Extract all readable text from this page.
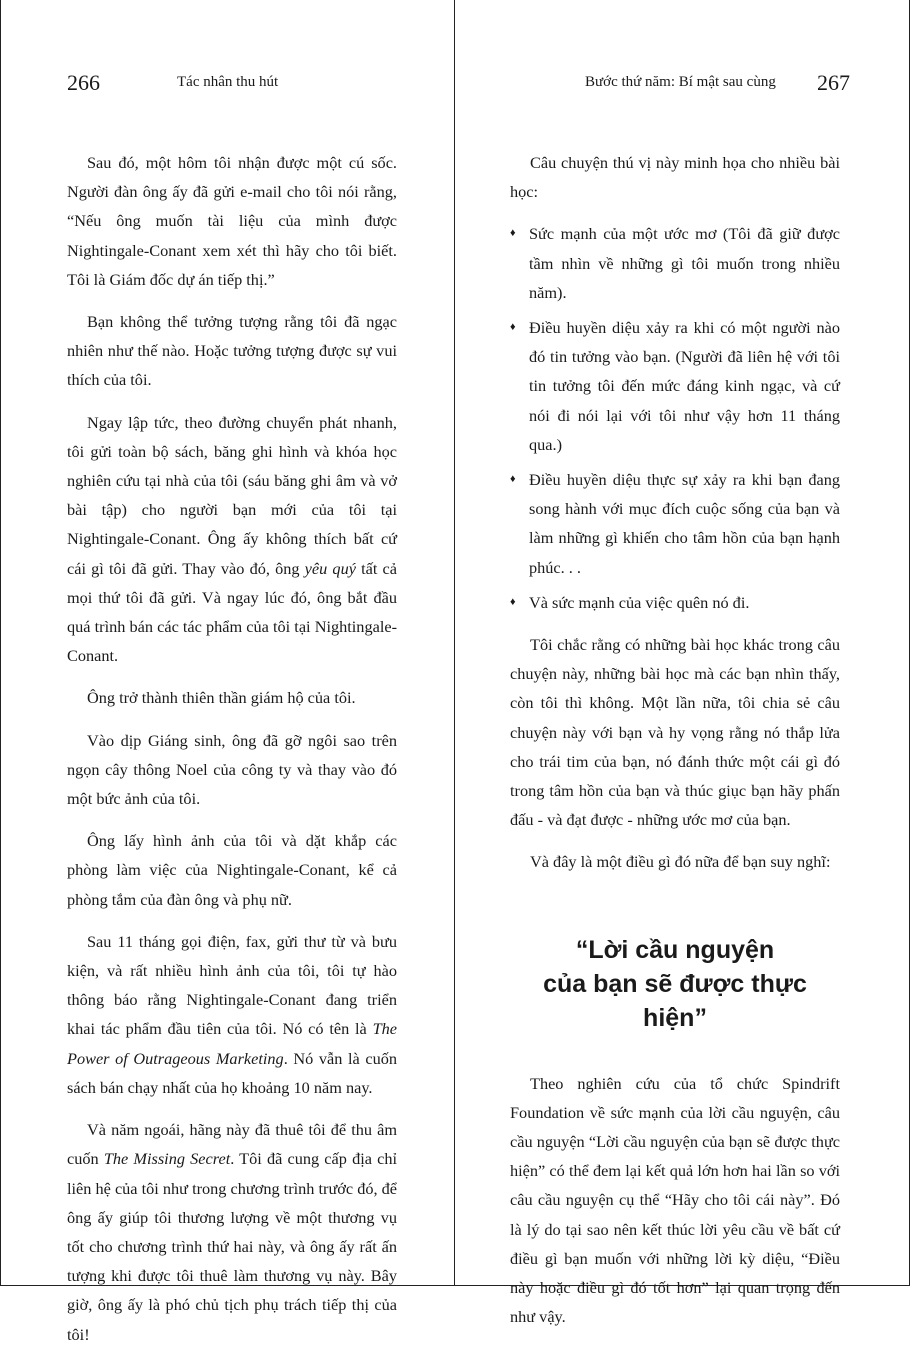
266	Tác nhân thu hút

Sau đó, một hôm tôi nhận được một cú sốc. Người đàn ông ấy đã gửi e-mail cho tôi nói rằng, “Nếu ông muốn tài liệu của mình được Nightingale-Conant xem xét thì hãy cho tôi biết. Tôi là Giám đốc dự án tiếp thị.”

Bạn không thể tưởng tượng rằng tôi đã ngạc nhiên như thế nào. Hoặc tưởng tượng được sự vui thích của tôi.

Ngay lập tức, theo đường chuyển phát nhanh, tôi gửi toàn bộ sách, băng ghi hình và khóa học nghiên cứu tại nhà của tôi (sáu băng ghi âm và vở bài tập) cho người bạn mới của tôi tại Nightingale-Conant. Ông ấy không thích bất cứ cái gì tôi đã gửi. Thay vào đó, ông yêu quý tất cả mọi thứ tôi đã gửi. Và ngay lúc đó, ông bắt đầu quá trình bán các tác phẩm của tôi tại Nightingale-Conant.

Ông trở thành thiên thần giám hộ của tôi.

Vào dịp Giáng sinh, ông đã gỡ ngôi sao trên ngọn cây thông Noel của công ty và thay vào đó một bức ảnh của tôi.

Ông lấy hình ảnh của tôi và dặt khắp các phòng làm việc của Nightingale-Conant, kể cả phòng tắm của đàn ông và phụ nữ.

Sau 11 tháng gọi điện, fax, gửi thư từ và bưu kiện, và rất nhiều hình ảnh của tôi, tôi tự hào thông báo rằng Nightingale-Conant đang triển khai tác phẩm đầu tiên của tôi. Nó có tên là The Power of Outrageous Marketing. Nó vẫn là cuốn sách bán chạy nhất của họ khoảng 10 năm nay.

Và năm ngoái, hãng này đã thuê tôi để thu âm cuốn The Missing Secret. Tôi đã cung cấp địa chỉ liên hệ của tôi như trong chương trình trước đó, để ông ấy giúp tôi thương lượng về một thương vụ tốt cho chương trình thứ hai này, và ông ấy rất ấn tượng khi được tôi thuê làm thương vụ này. Bây giờ, ông ấy là phó chủ tịch phụ trách tiếp thị của tôi!

Bước thứ năm: Bí mật sau cùng 267

Câu chuyện thú vị này minh họa cho nhiều bài học:

♦ Sức mạnh của một ước mơ (Tôi đã giữ được tầm nhìn về những gì tôi muốn trong nhiều năm).
♦ Điều huyền diệu xảy ra khi có một người nào đó tin tưởng vào bạn. (Người đã liên hệ với tôi tin tưởng tôi đến mức đáng kinh ngạc, và cứ nói đi nói lại với tôi như vậy hơn 11 tháng qua.)
♦ Điều huyền diệu thực sự xảy ra khi bạn đang song hành với mục đích cuộc sống của bạn và làm những gì khiến cho tâm hồn của bạn hạnh phúc. . .
♦ Và sức mạnh của việc quên nó đi.

Tôi chắc rằng có những bài học khác trong câu chuyện này, những bài học mà các bạn nhìn thấy, còn tôi thì không. Một lần nữa, tôi chia sẻ câu chuyện này với bạn và hy vọng rằng nó thắp lửa cho trái tim của bạn, nó đánh thức một cái gì đó trong tâm hồn của bạn và thúc giục bạn hãy phấn đấu - và đạt được - những ước mơ của bạn.

Và đây là một điều gì đó nữa để bạn suy nghĩ:

“Lời cầu nguyện
của bạn sẽ được thực hiện”

Theo nghiên cứu của tổ chức Spindrift Foundation về sức mạnh của lời cầu nguyện, câu cầu nguyện “Lời cầu nguyện của bạn sẽ được thực hiện” có thể đem lại kết quả lớn hơn hai lần so với câu cầu nguyện cụ thể “Hãy cho tôi cái này”. Đó là lý do tại sao nên kết thúc lời yêu cầu về bất cứ điều gì bạn muốn với những lời kỳ diệu, “Điều này hoặc điều gì đó tốt hơn” lại quan trọng đến như vậy.
